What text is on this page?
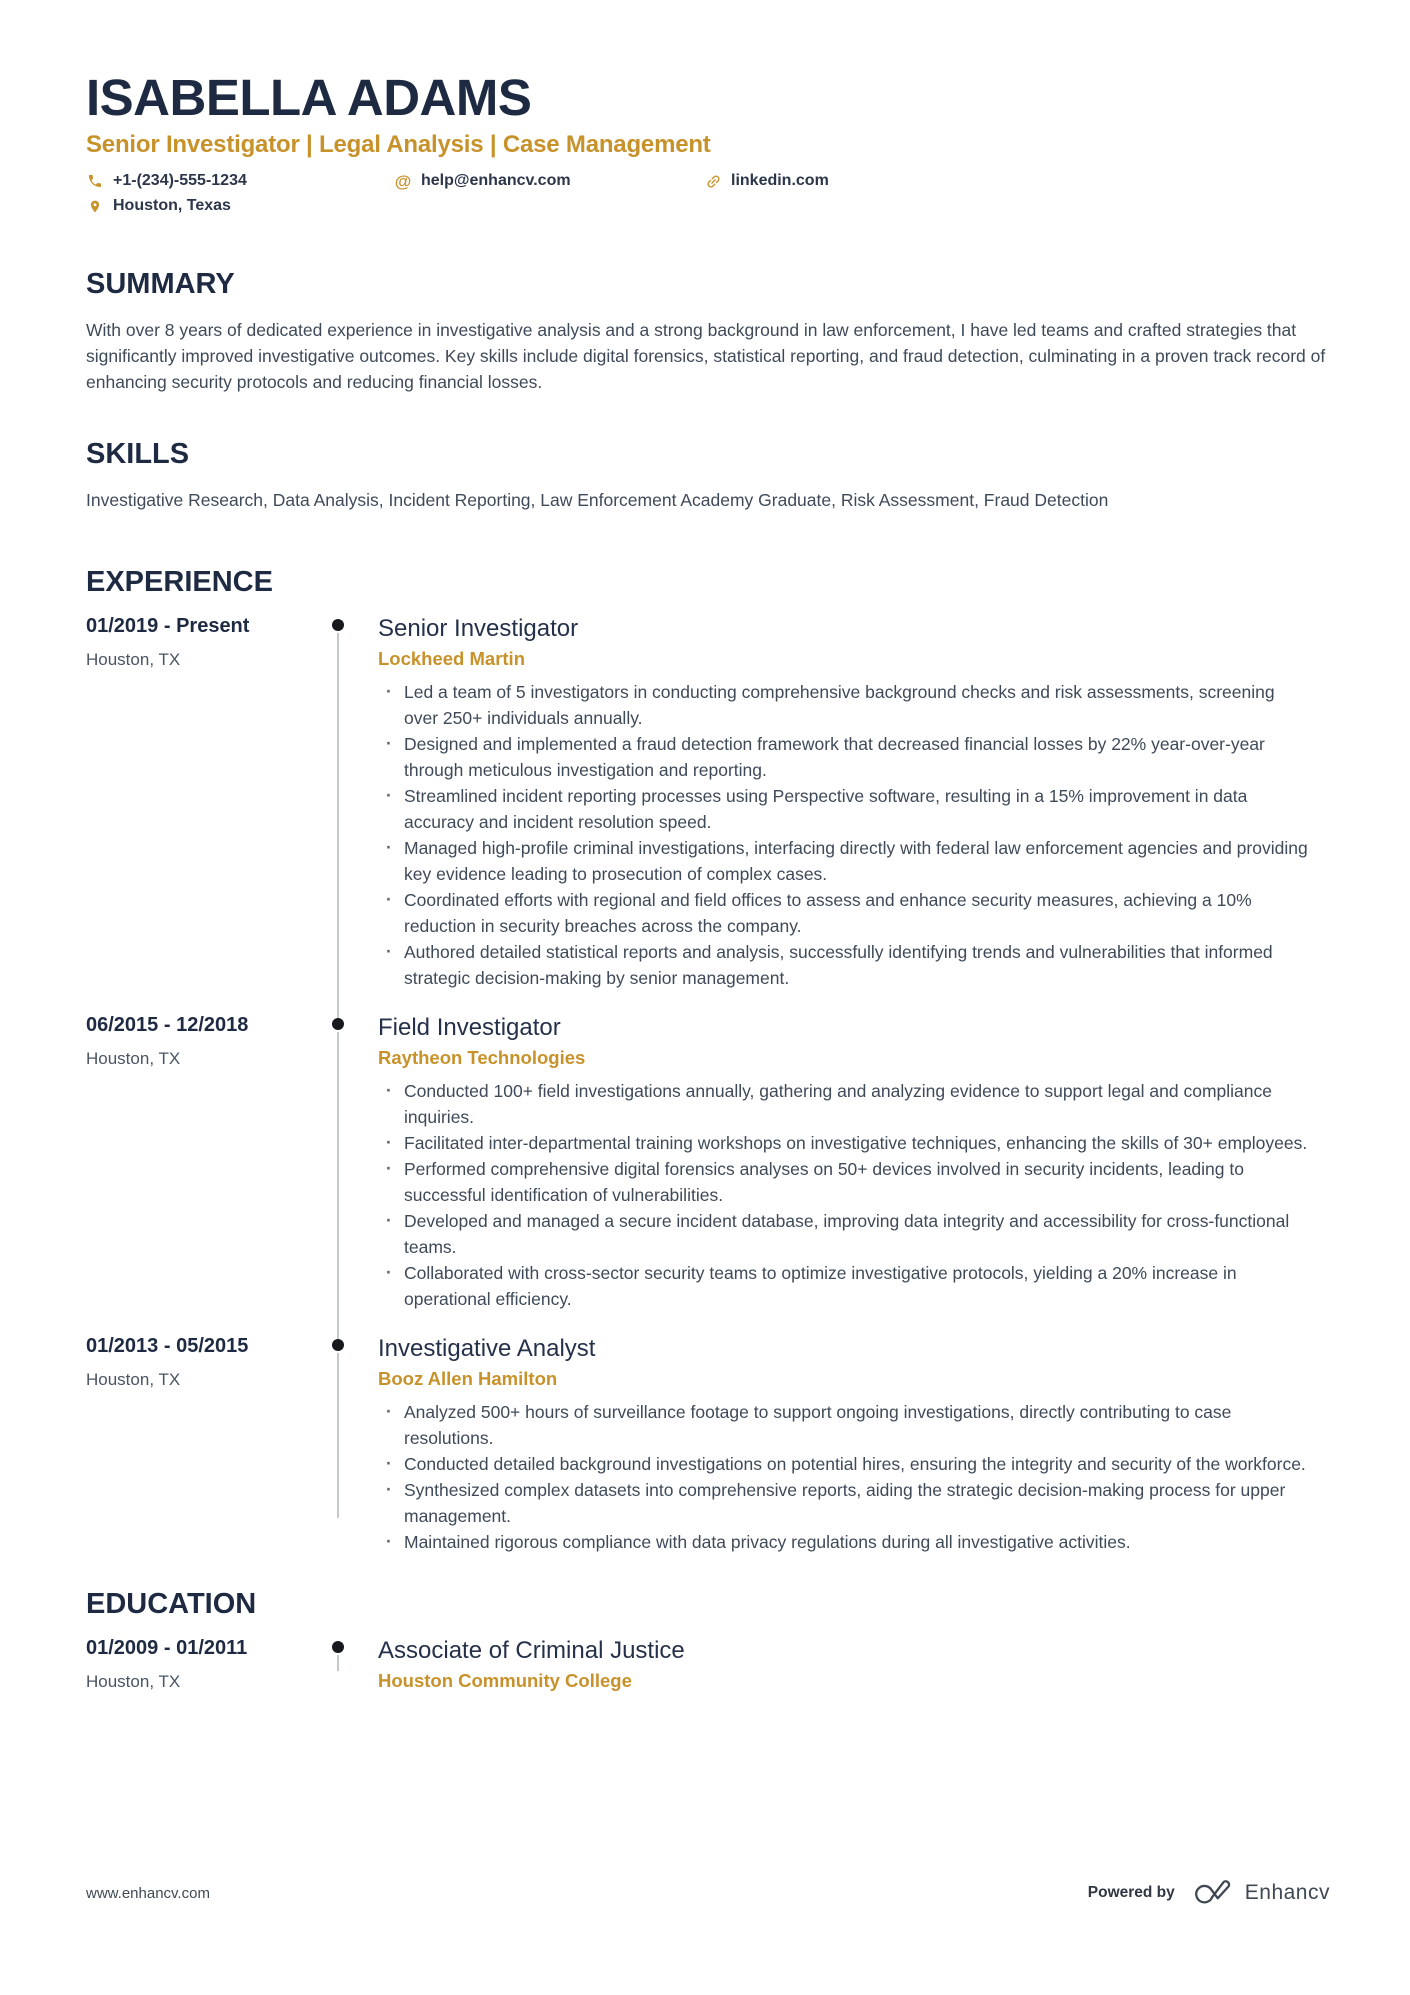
ISABELLA ADAMS
Senior Investigator | Legal Analysis | Case Management
+1-(234)-555-1234	@ help@enhancv.com	linkedin.com
Houston, Texas
SUMMARY

With over 8 years of dedicated experience in investigative analysis and a strong background in law enforcement, I have led teams and crafted strategies that significantly improved investigative outcomes. Key skills include digital forensics, statistical reporting, and fraud detection, culminating in a proven track record of enhancing security protocols and reducing financial losses.

SKILLS

Investigative Research, Data Analysis, Incident Reporting, Law Enforcement Academy Graduate, Risk Assessment, Fraud Detection

EXPERIENCE
01/2019 - Present
Houston, TX
Senior Investigator
Lockheed Martin
· Led a team of 5 investigators in conducting comprehensive background checks and risk assessments, screening over 250+ individuals annually.
· Designed and implemented a fraud detection framework that decreased financial losses by 22% year-over-year through meticulous investigation and reporting.
· Streamlined incident reporting processes using Perspective software, resulting in a 15% improvement in data accuracy and incident resolution speed.
· Managed high-profile criminal investigations, interfacing directly with federal law enforcement agencies and providing key evidence leading to prosecution of complex cases.
· Coordinated efforts with regional and field offices to assess and enhance security measures, achieving a 10% reduction in security breaches across the company.
· Authored detailed statistical reports and analysis, successfully identifying trends and vulnerabilities that informed strategic decision-making by senior management.
06/2015 - 12/2018
Houston, TX
Field Investigator
Raytheon Technologies
· Conducted 100+ field investigations annually, gathering and analyzing evidence to support legal and compliance inquiries.
· Facilitated inter-departmental training workshops on investigative techniques, enhancing the skills of 30+ employees.
· Performed comprehensive digital forensics analyses on 50+ devices involved in security incidents, leading to successful identification of vulnerabilities.
· Developed and managed a secure incident database, improving data integrity and accessibility for cross-functional teams.
· Collaborated with cross-sector security teams to optimize investigative protocols, yielding a 20% increase in operational efficiency.
01/2013 - 05/2015
Houston, TX
Investigative Analyst
Booz Allen Hamilton
· Analyzed 500+ hours of surveillance footage to support ongoing investigations, directly contributing to case resolutions.
· Conducted detailed background investigations on potential hires, ensuring the integrity and security of the workforce.
· Synthesized complex datasets into comprehensive reports, aiding the strategic decision-making process for upper management.
· Maintained rigorous compliance with data privacy regulations during all investigative activities.
EDUCATION
01/2009 - 01/2011
Houston, TX
Associate of Criminal Justice
Houston Community College
www.enhancv.com	Powered by	Enhancv
